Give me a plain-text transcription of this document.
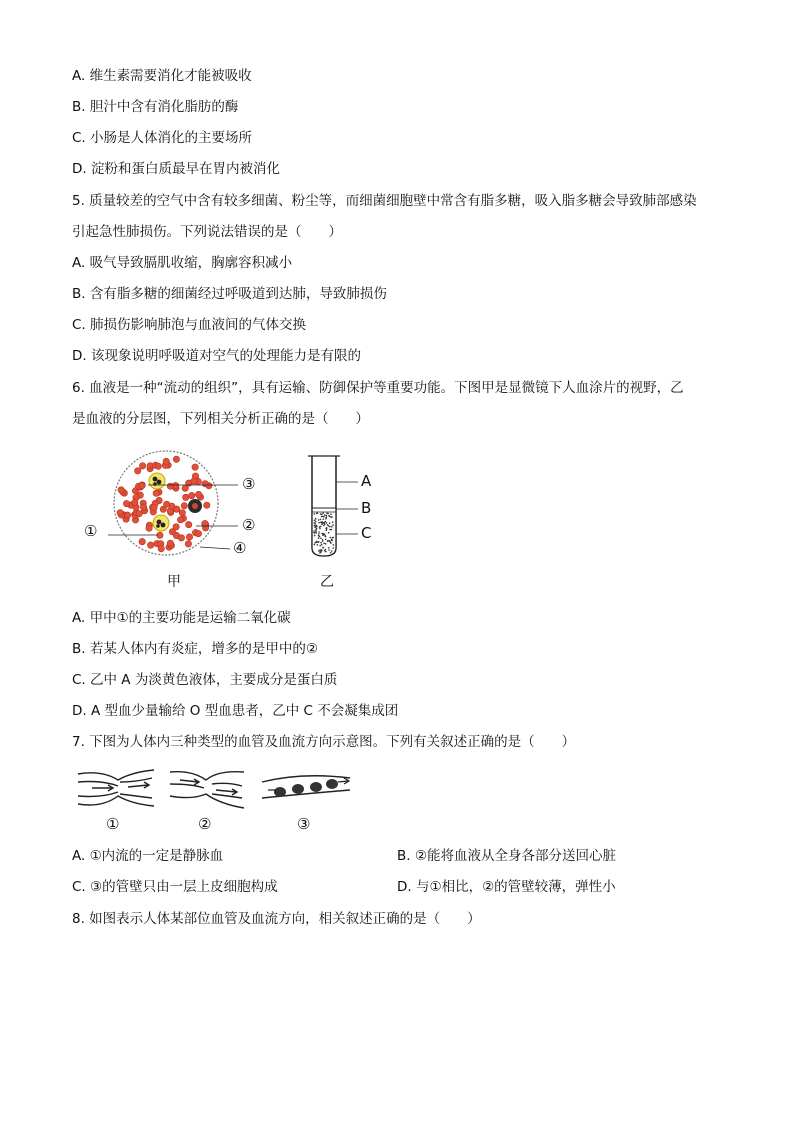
A. 维生素需要消化才能被吸收
B. 胆汁中含有消化脂肪的酶
C. 小肠是人体消化的主要场所
D. 淀粉和蛋白质最早在胃内被消化
5. 质量较差的空气中含有较多细菌、粉尘等，而细菌细胞壁中常含有脂多糖，吸入脂多糖会导致肺部感染
引起急性肺损伤。下列说法错误的是（　　）
A. 吸气导致膈肌收缩，胸廓容积减小
B. 含有脂多糖的细菌经过呼吸道到达肺，导致肺损伤
C. 肺损伤影响肺泡与血液间的气体交换
D. 该现象说明呼吸道对空气的处理能力是有限的
6. 血液是一种“流动的组织”，具有运输、防御保护等重要功能。下图甲是显微镜下人血涂片的视野，乙
是血液的分层图，下列相关分析正确的是（　　）
①	②
③
④
甲
A
B
C
乙
A. 甲中①的主要功能是运输二氧化碳
B. 若某人体内有炎症，增多的是甲中的②
C. 乙中 A 为淡黄色液体，主要成分是蛋白质
D. A 型血少量输给 O 型血患者，乙中 C 不会凝集成团
7. 下图为人体内三种类型的血管及血流方向示意图。下列有关叙述正确的是（　　）
①	②	③
A. ①内流的一定是静脉血	B. ②能将血液从全身各部分送回心脏
C. ③的管壁只由一层上皮细胞构成	D. 与①相比，②的管壁较薄，弹性小
8. 如图表示人体某部位血管及血流方向，相关叙述正确的是（　　）
